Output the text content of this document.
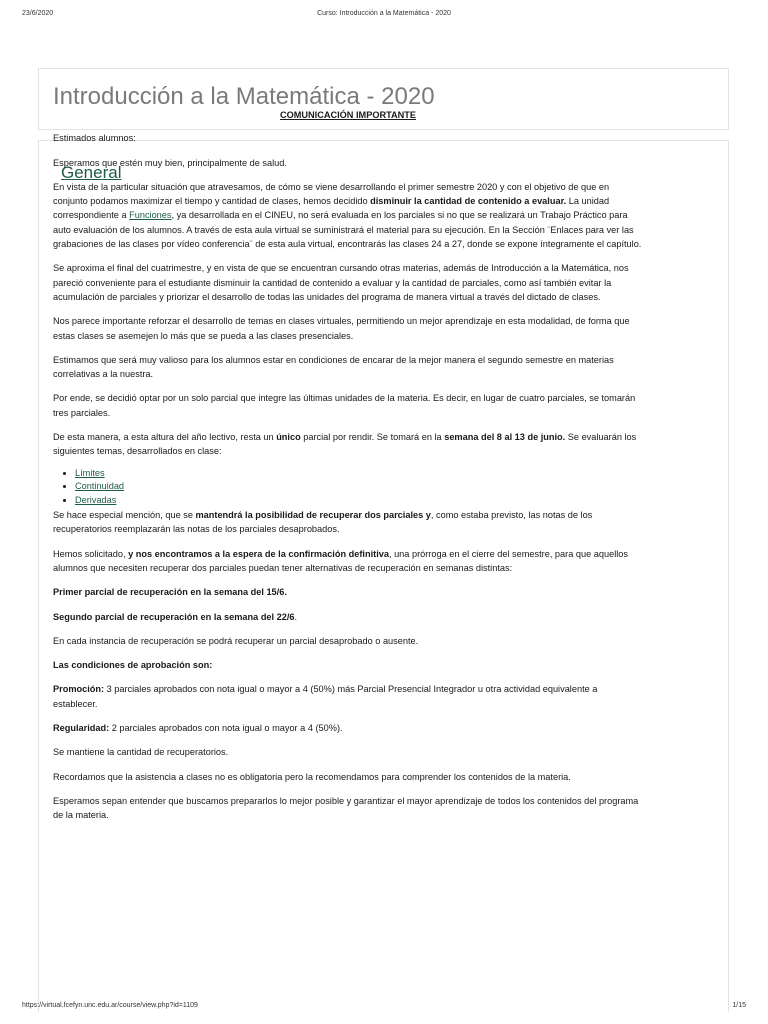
23/6/2020	Curso: Introducción a la Matemática - 2020
Introducción a la Matemática - 2020
General

COMUNICACIÓN IMPORTANTE

Estimados alumnos:

Esperamos que estén muy bien, principalmente de salud.

En vista de la particular situación que atravesamos, de cómo se viene desarrollando el primer semestre 2020 y con el objetivo de que en conjunto podamos maximizar el tiempo y cantidad de clases, hemos decidido disminuir la cantidad de contenido a evaluar. La unidad correspondiente a Funciones, ya desarrollada en el CINEU, no será evaluada en los parciales si no que se realizará un Trabajo Práctico para auto evaluación de los alumnos. A través de esta aula virtual se suministrará el material para su ejecución. En la Sección ¨Enlaces para ver las grabaciones de las clases por vídeo conferencia¨ de esta aula virtual, encontrarás las clases 24 a 27, donde se expone íntegramente el capítulo.

Se aproxima el final del cuatrimestre, y en vista de que se encuentran cursando otras materias, además de Introducción a la Matemática, nos pareció conveniente para el estudiante disminuir la cantidad de contenido a evaluar y la cantidad de parciales, como así también evitar la acumulación de parciales y priorizar el desarrollo de todas las unidades del programa de manera virtual a través del dictado de clases.

Nos parece importante reforzar el desarrollo de temas en clases virtuales, permitiendo un mejor aprendizaje en esta modalidad, de forma que estas clases se asemejen lo más que se pueda a las clases presenciales.

Estimamos que será muy valioso para los alumnos estar en condiciones de encarar de la mejor manera el segundo semestre en materias correlativas a la nuestra.

Por ende, se decidió optar por un solo parcial que integre las últimas unidades de la materia. Es decir, en lugar de cuatro parciales, se tomarán tres parciales.

De esta manera, a esta altura del año lectivo, resta un único parcial por rendir. Se tomará en la semana del 8 al 13 de junio. Se evaluarán los siguientes temas, desarrollados en clase:

• Límites
• Continuidad
• Derivadas

Se hace especial mención, que se mantendrá la posibilidad de recuperar dos parciales y, como estaba previsto, las notas de los recuperatorios reemplazarán las notas de los parciales desaprobados.

Hemos solicitado, y nos encontramos a la espera de la confirmación definitiva, una prórroga en el cierre del semestre, para que aquellos alumnos que necesiten recuperar dos parciales puedan tener alternativas de recuperación en semanas distintas:

Primer parcial de recuperación en la semana del 15/6.

Segundo parcial de recuperación en la semana del 22/6.

En cada instancia de recuperación se podrá recuperar un parcial desaprobado o ausente.

Las condiciones de aprobación son:

Promoción: 3 parciales aprobados con nota igual o mayor a 4 (50%) más Parcial Presencial Integrador u otra actividad equivalente a establecer.

Regularidad: 2 parciales aprobados con nota igual o mayor a 4 (50%).

Se mantiene la cantidad de recuperatorios.

Recordamos que la asistencia a clases no es obligatoria pero la recomendamos para comprender los contenidos de la materia.

Esperamos sepan entender que buscamos prepararlos lo mejor posible y garantizar el mayor aprendizaje de todos los contenidos del programa de la materia.

https://virtual.fcefyn.unc.edu.ar/course/view.php?id=1109	1/15
